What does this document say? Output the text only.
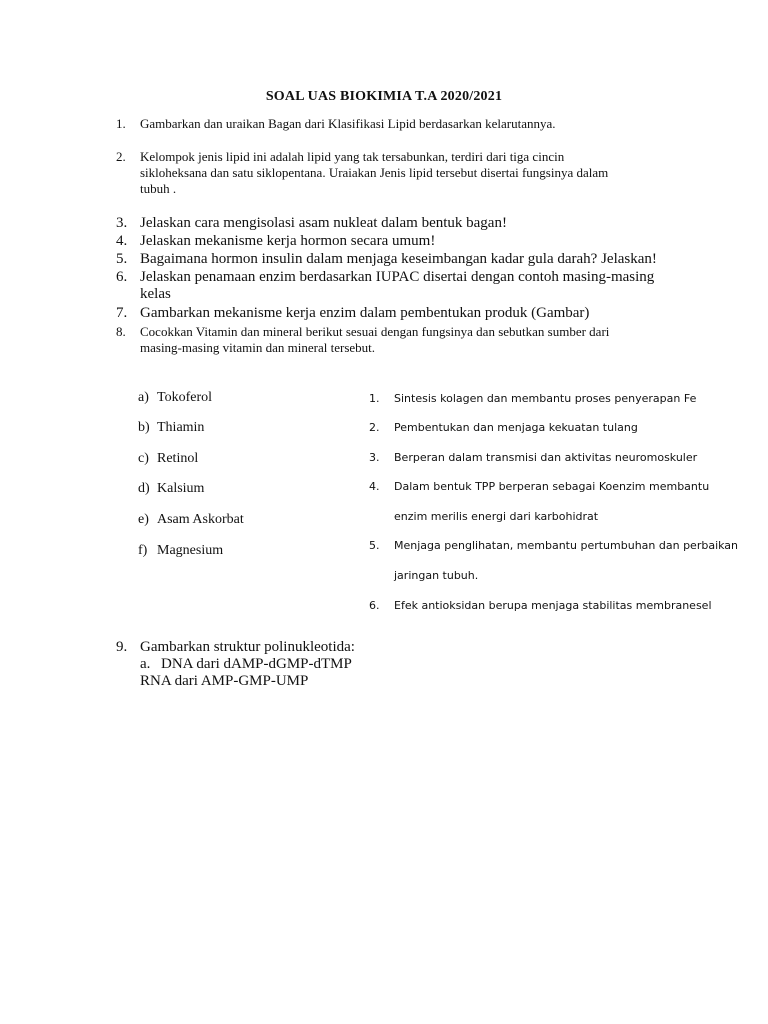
SOAL UAS BIOKIMIA T.A 2020/2021
1.	Gambarkan dan uraikan Bagan dari Klasifikasi Lipid berdasarkan kelarutannya.
2.	Kelompok jenis lipid ini adalah lipid yang tak tersabunkan, terdiri dari tiga cincin
sikloheksana dan satu siklopentana. Uraiakan Jenis lipid tersebut disertai fungsinya dalam
tubuh .
3. Jelaskan cara mengisolasi asam nukleat dalam bentuk bagan!
4. Jelaskan mekanisme kerja hormon secara umum!
5. Bagaimana hormon insulin dalam menjaga keseimbangan kadar gula darah? Jelaskan!
6. Jelaskan penamaan enzim berdasarkan IUPAC disertai dengan contoh masing-masing
kelas
7. Gambarkan mekanisme kerja enzim dalam pembentukan produk (Gambar)
8.	Cocokkan Vitamin dan mineral berikut sesuai dengan fungsinya dan sebutkan sumber dari
masing-masing vitamin dan mineral tersebut.
a) Tokoferol
b) Thiamin
c) Retinol
d) Kalsium
e) Asam Askorbat
f) Magnesium
1.	Sintesis kolagen dan membantu proses penyerapan Fe
2.	Pembentukan dan menjaga kekuatan tulang
3.	Berperan dalam transmisi dan aktivitas neuromoskuler
4.	Dalam bentuk TPP berperan sebagai Koenzim membantu
enzim merilis energi dari karbohidrat
5.	Menjaga penglihatan, membantu pertumbuhan dan perbaikan
jaringan tubuh.
6.	Efek antioksidan berupa menjaga stabilitas membranesel
9. Gambarkan struktur polinukleotida:
a. DNA dari dAMP-dGMP-dTMP
RNA dari AMP-GMP-UMP
